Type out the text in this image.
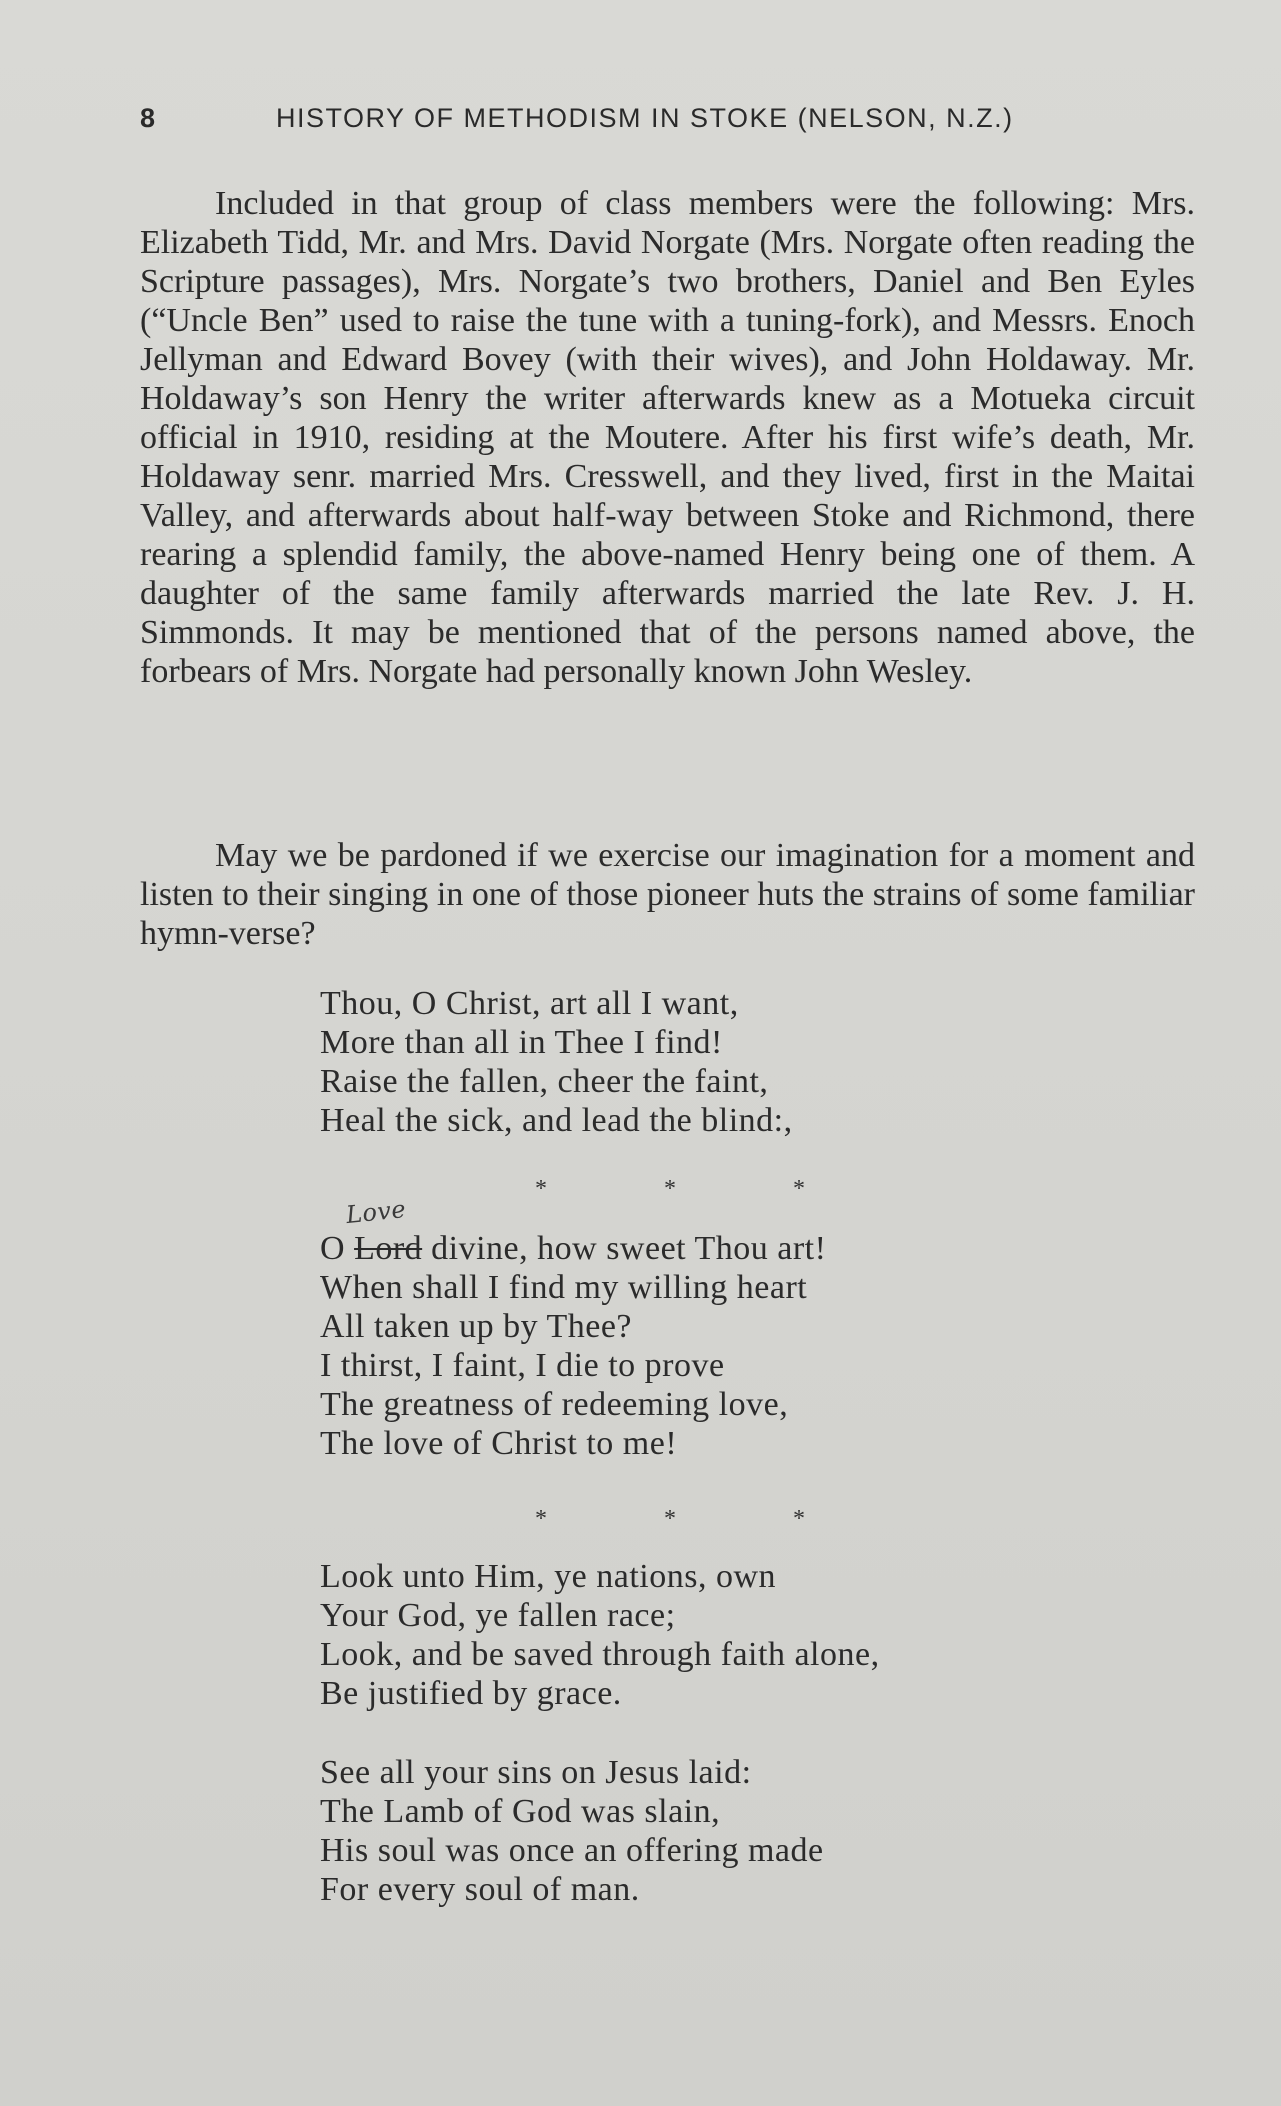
8	HISTORY OF METHODISM IN STOKE (NELSON, N.Z.)

Included in that group of class members were the following: Mrs. Elizabeth Tidd, Mr. and Mrs. David Norgate (Mrs. Norgate often reading the Scripture passages), Mrs. Norgate’s two brothers, Daniel and Ben Eyles (“Uncle Ben” used to raise the tune with a tuning-fork), and Messrs. Enoch Jellyman and Edward Bovey (with their wives), and John Holdaway. Mr. Holdaway’s son Henry the writer afterwards knew as a Motueka circuit official in 1910, residing at the Moutere. After his first wife’s death, Mr. Holdaway senr. married Mrs. Cresswell, and they lived, first in the Maitai Valley, and afterwards about half-way between Stoke and Richmond, there rearing a splendid family, the above-named Henry being one of them. A daughter of the same family afterwards married the late Rev. J. H. Simmonds. It may be mentioned that of the persons named above, the forbears of Mrs. Norgate had personally known John Wesley.

May we be pardoned if we exercise our imagination for a moment and listen to their singing in one of those pioneer huts the strains of some familiar hymn-verse?

Thou, O Christ, art all I want,
More than all in Thee I find!
Raise the fallen, cheer the faint,
Heal the sick, and lead the blind:,
*	*	*
O Lord
Love
divine, how sweet Thou art!
When shall I find my willing heart
All taken up by Thee?
I thirst, I faint, I die to prove
The greatness of redeeming love,
The love of Christ to me!
*	*	*
Look unto Him, ye nations, own
Your God, ye fallen race;
Look, and be saved through faith alone,
Be justified by grace.
See all your sins on Jesus laid:
The Lamb of God was slain,
His soul was once an offering made
For every soul of man.
